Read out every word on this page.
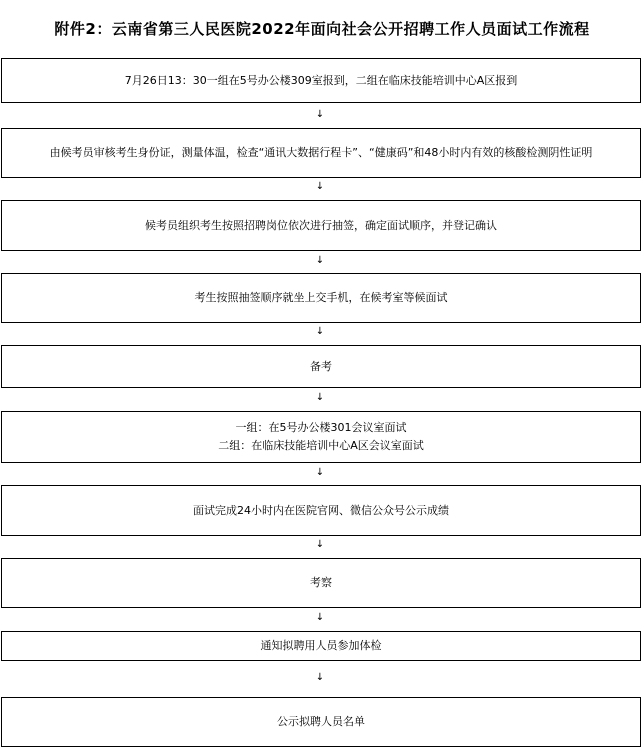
附件2：云南省第三人民医院2022年面向社会公开招聘工作人员面试工作流程
7月26日13：30一组在5号办公楼309室报到，二组在临床技能培训中心A区报到
↓
由候考员审核考生身份证，测量体温，检查“通讯大数据行程卡”、“健康码”和48小时内有效的核酸检测阴性证明
↓
候考员组织考生按照招聘岗位依次进行抽签，确定面试顺序，并登记确认
↓
考生按照抽签顺序就坐上交手机，在候考室等候面试
↓
备考
↓
一组：在5号办公楼301会议室面试
二组：在临床技能培训中心A区会议室面试
↓
面试完成24小时内在医院官网、微信公众号公示成绩
↓
考察
↓
通知拟聘用人员参加体检
↓
公示拟聘人员名单
